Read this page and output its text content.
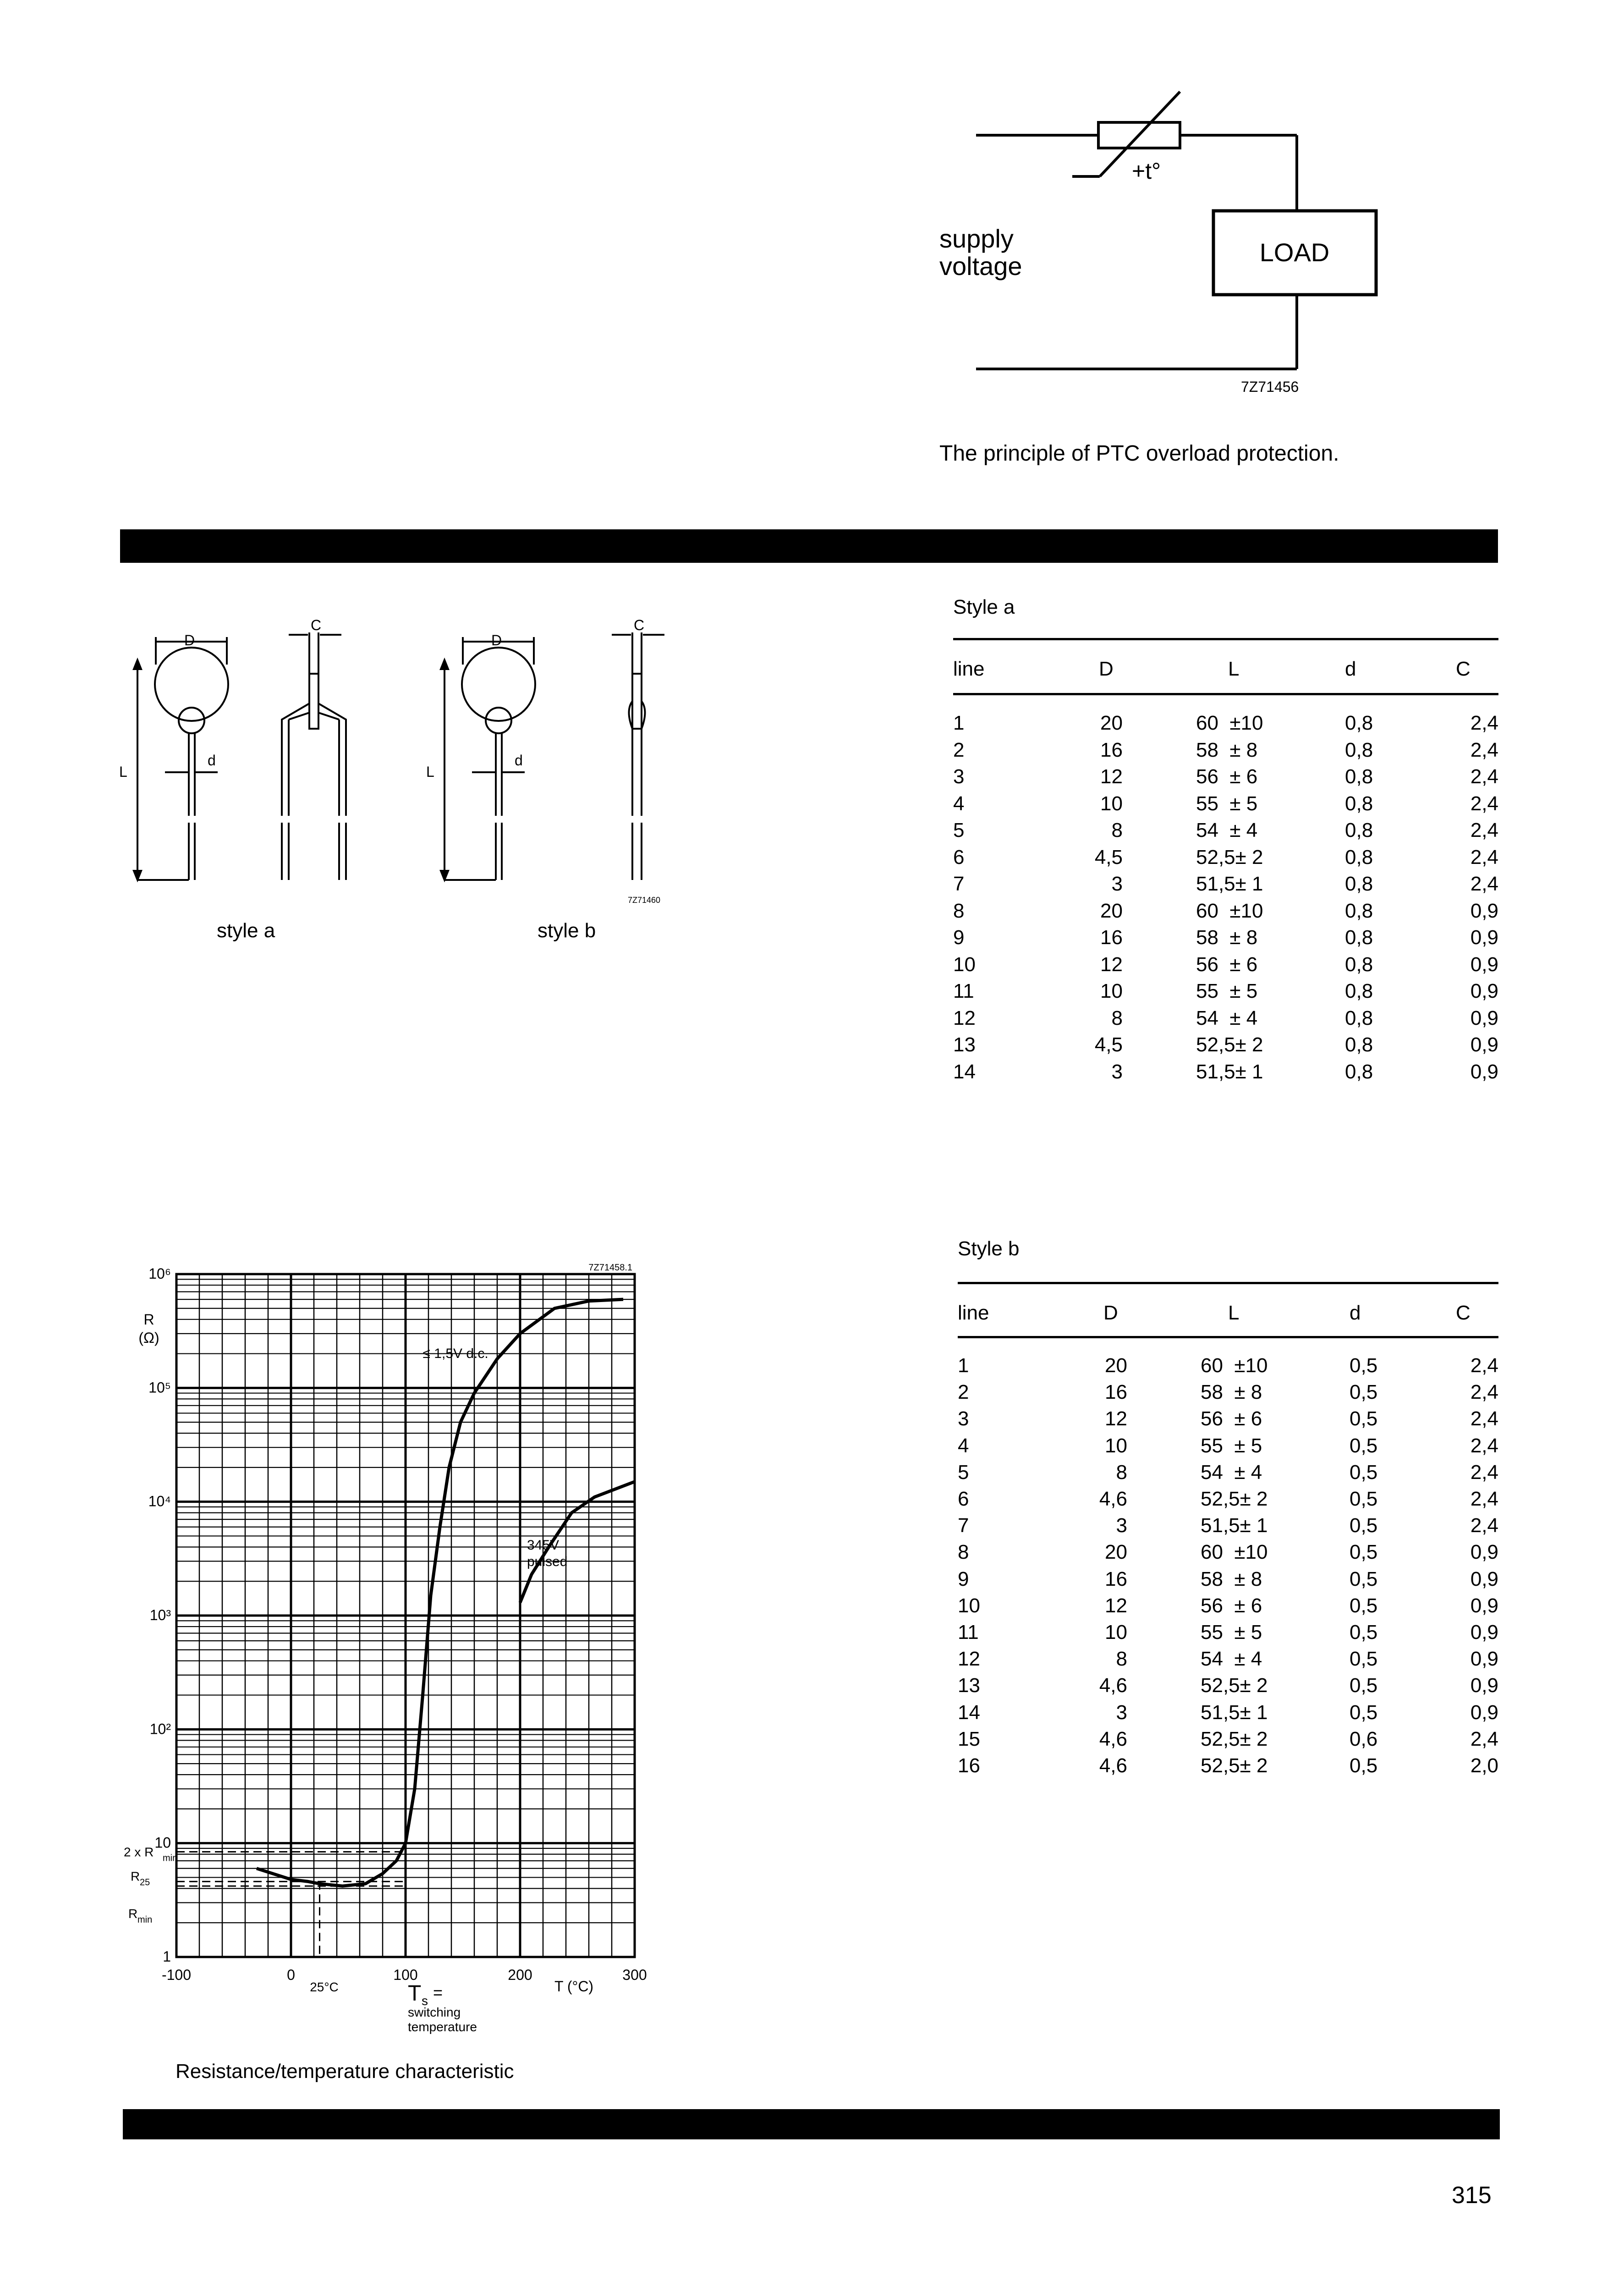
LOAD
+t°
supply
voltage
7Z71456
The principle of PTC overload protection.
D
C
L
d
D
C
L
d
7Z71460
style a	style b
Style a
line	D	L	d	C
1	20	60  ±10	0,8	2,4
2	16	58  ± 8	0,8	2,4
3	12	56  ± 6	0,8	2,4
4	10	55  ± 5	0,8	2,4
5	8	54  ± 4	0,8	2,4
6	4,5	52,5± 2	0,8	2,4
7	3	51,5± 1	0,8	2,4
8	20	60  ±10	0,8	0,9
9	16	58  ± 8	0,8	0,9
10	12	56  ± 6	0,8	0,9
11	10	55  ± 5	0,8	0,9
12	8	54  ± 4	0,8	0,9
13	4,5	52,5± 2	0,8	0,9
14	3	51,5± 1	0,8	0,9
Style b
line	D	L	d	C
1	20	60  ±10	0,5	2,4
2	16	58  ± 8	0,5	2,4
3	12	56  ± 6	0,5	2,4
4	10	55  ± 5	0,5	2,4
5	8	54  ± 4	0,5	2,4
6	4,6	52,5± 2	0,5	2,4
7	3	51,5± 1	0,5	2,4
8	20	60  ±10	0,5	0,9
9	16	58  ± 8	0,5	0,9
10	12	56  ± 6	0,5	0,9
11	10	55  ± 5	0,5	0,9
12	8	54  ± 4	0,5	0,9
13	4,6	52,5± 2	0,5	0,9
14	3	51,5± 1	0,5	0,9
15	4,6	52,5± 2	0,6	2,4
16	4,6	52,5± 2	0,5	2,0
-100	0	100	200	300
1
10
10²
10³
10⁴
10⁵
10⁶	7Z71458.1
R
(Ω)
T (°C)
≤ 1,5V d.c.
345V
pulsed
2 x R min
R 25
R min
25°C	T s =
switching
temperature
Resistance/temperature characteristic
315
